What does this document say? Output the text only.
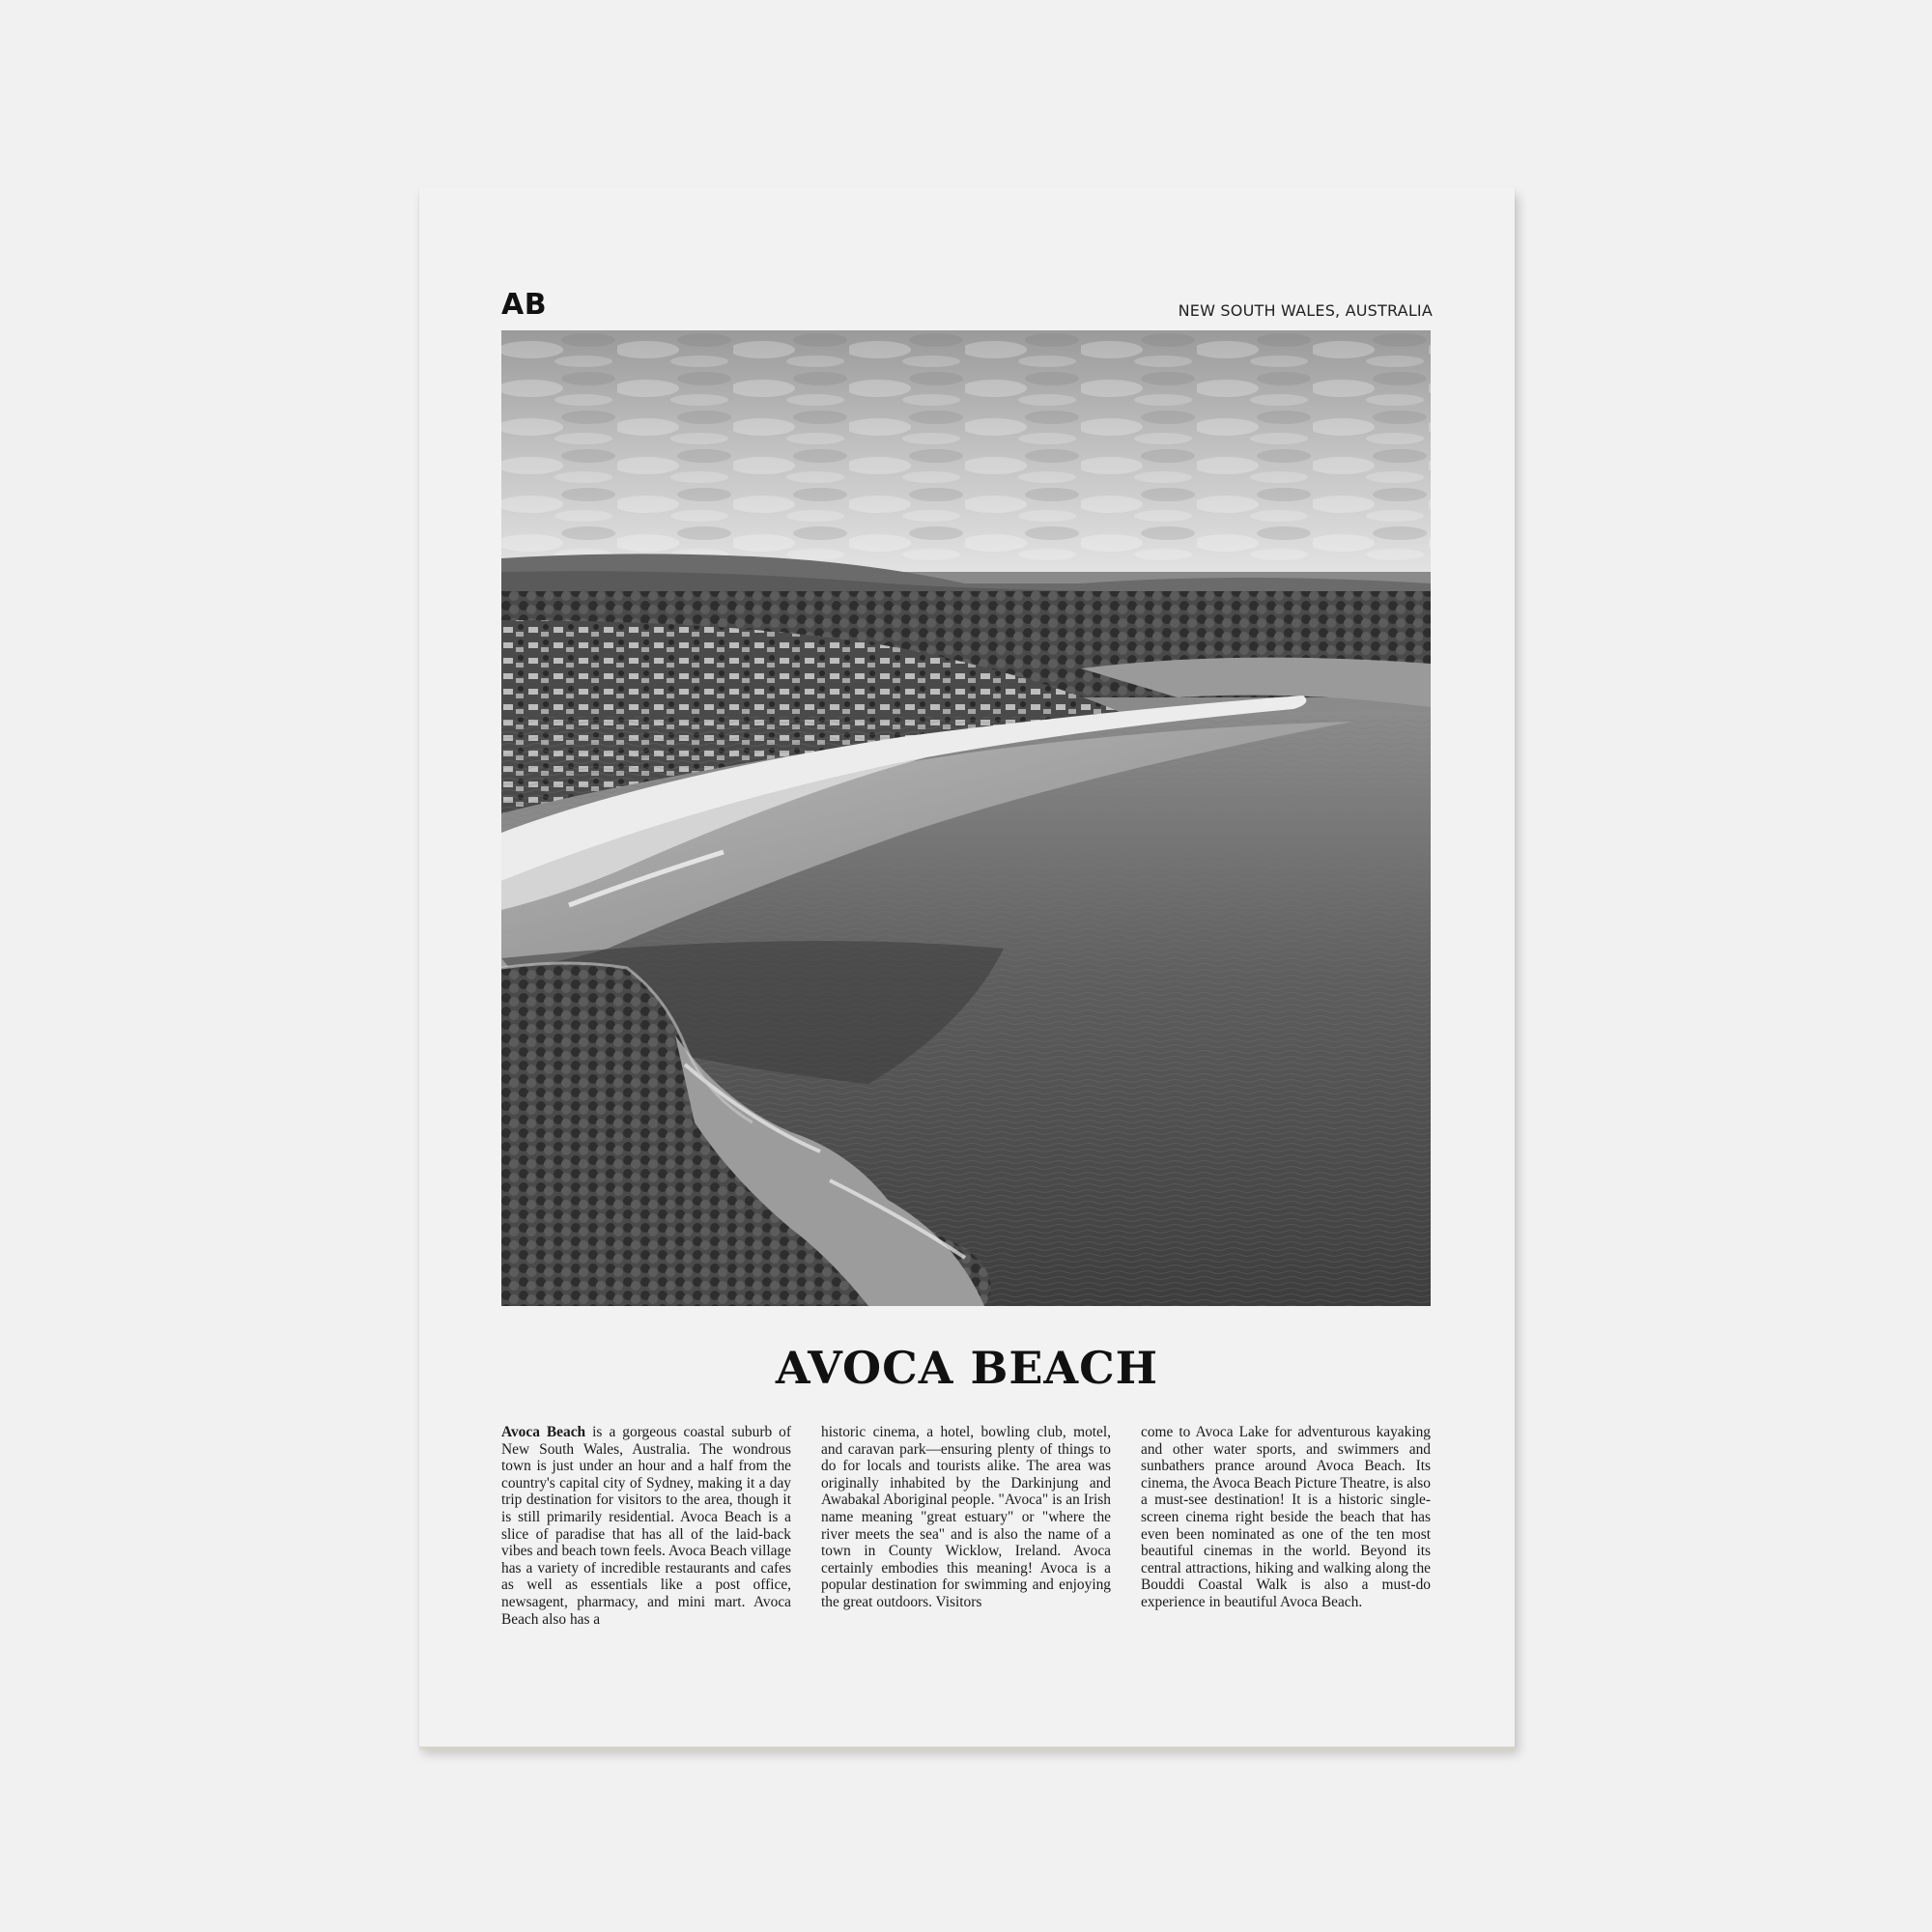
AB	NEW SOUTH WALES, AUSTRALIA
AVOCA BEACH
Avoca Beach is a gorgeous coastal suburb of New South Wales, Australia. The wondrous town is just under an hour and a half from the country's capital city of Sydney, making it a day trip destination for visitors to the area, though it is still primarily residential. Avoca Beach is a slice of paradise that has all of the laid-back vibes and beach town feels. Avoca Beach village has a variety of incredible restaurants and cafes as well as essentials like a post office, newsagent, pharmacy, and mini mart. Avoca Beach also has a
historic cinema, a hotel, bowling club, motel, and caravan park—ensuring plenty of things to do for locals and tourists alike. The area was originally inhabited by the Darkinjung and Awabakal Aboriginal people. "Avoca" is an Irish name meaning "great estuary" or "where the river meets the sea" and is also the name of a town in County Wicklow, Ireland. Avoca certainly embodies this meaning! Avoca is a popular destination for swimming and enjoying the great outdoors. Visitors
come to Avoca Lake for adventurous kayaking and other water sports, and swimmers and sunbathers prance around Avoca Beach. Its cinema, the Avoca Beach Picture Theatre, is also a must-see destination! It is a historic single-screen cinema right beside the beach that has even been nominated as one of the ten most beautiful cinemas in the world. Beyond its central attractions, hiking and walking along the Bouddi Coastal Walk is also a must-do experience in beautiful Avoca Beach.
